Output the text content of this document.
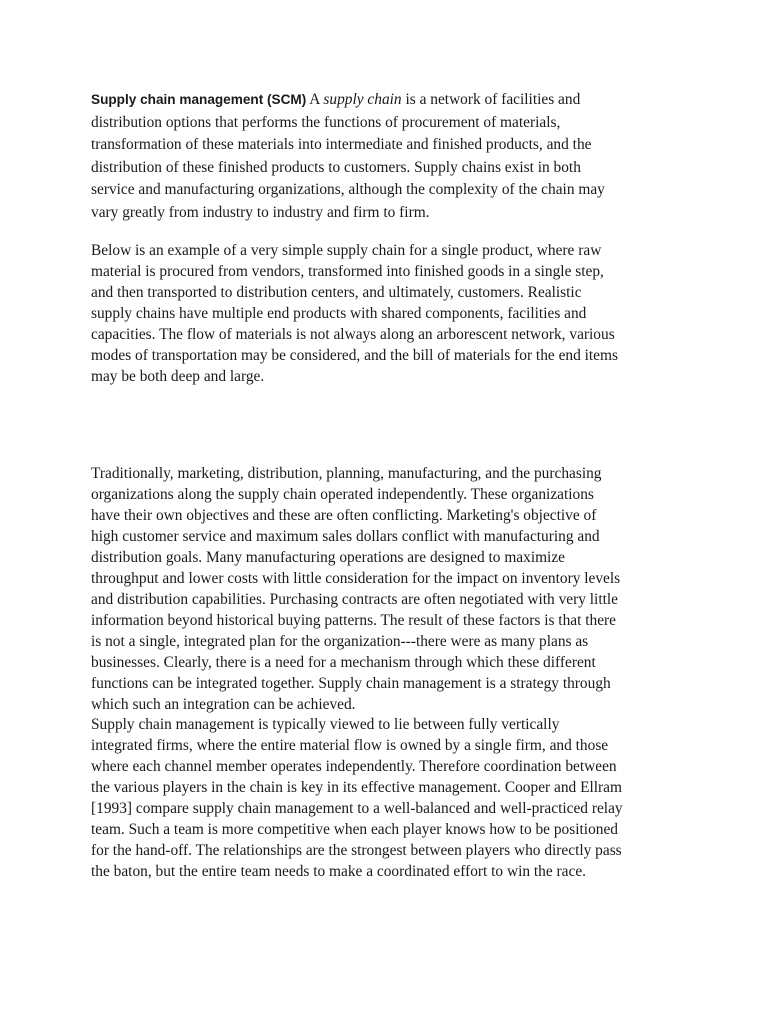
Supply chain management (SCM) A supply chain is a network of facilities and
distribution options that performs the functions of procurement of materials,
transformation of these materials into intermediate and finished products, and the
distribution of these finished products to customers. Supply chains exist in both
service and manufacturing organizations, although the complexity of the chain may
vary greatly from industry to industry and firm to firm.
Below is an example of a very simple supply chain for a single product, where raw
material is procured from vendors, transformed into finished goods in a single step,
and then transported to distribution centers, and ultimately, customers. Realistic
supply chains have multiple end products with shared components, facilities and
capacities. The flow of materials is not always along an arborescent network, various
modes of transportation may be considered, and the bill of materials for the end items
may be both deep and large.
Traditionally, marketing, distribution, planning, manufacturing, and the purchasing
organizations along the supply chain operated independently. These organizations
have their own objectives and these are often conflicting. Marketing's objective of
high customer service and maximum sales dollars conflict with manufacturing and
distribution goals. Many manufacturing operations are designed to maximize
throughput and lower costs with little consideration for the impact on inventory levels
and distribution capabilities. Purchasing contracts are often negotiated with very little
information beyond historical buying patterns. The result of these factors is that there
is not a single, integrated plan for the organization---there were as many plans as
businesses. Clearly, there is a need for a mechanism through which these different
functions can be integrated together. Supply chain management is a strategy through
which such an integration can be achieved.
Supply chain management is typically viewed to lie between fully vertically
integrated firms, where the entire material flow is owned by a single firm, and those
where each channel member operates independently. Therefore coordination between
the various players in the chain is key in its effective management. Cooper and Ellram
[1993] compare supply chain management to a well-balanced and well-practiced relay
team. Such a team is more competitive when each player knows how to be positioned
for the hand-off. The relationships are the strongest between players who directly pass
the baton, but the entire team needs to make a coordinated effort to win the race.
